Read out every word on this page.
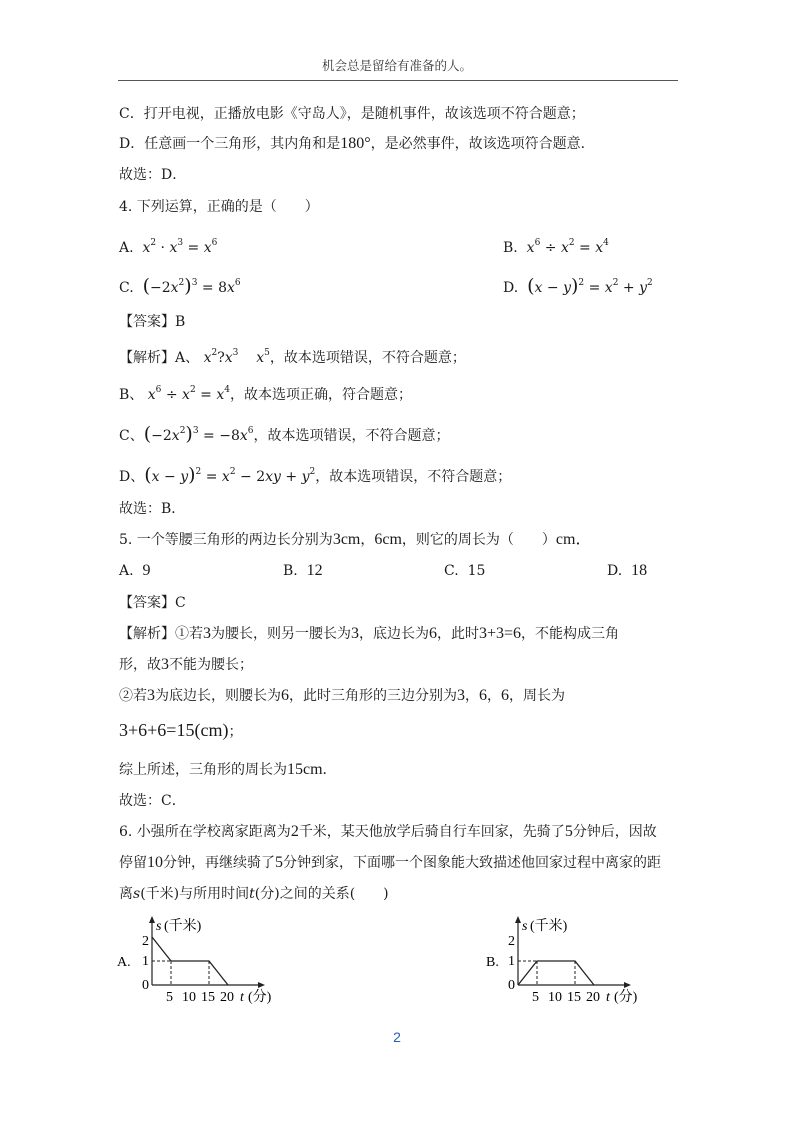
机会总是留给有准备的人。
C．打开电视，正播放电影《守岛人》，是随机事件，故该选项不符合题意；
D．任意画一个三角形，其内角和是180°，是必然事件，故该选项符合题意．
故选：D．
4. 下列运算，正确的是（　　）
A. $x^2 \cdot x^3 = x^6$	B. $x^6 \div x^2 = x^4$
C. $(-2x^2)^3 = 8x^6$	D. $(x - y)^2 = x^2 + y^2$
【答案】B
【解析】A、 $x^2?x^3$ $x^5$，故本选项错误，不符合题意；
B、 $x^6 \div x^2 = x^4$，故本选项正确，符合题意；
C、$(-2x^2)^3 = -8x^6$，故本选项错误，不符合题意；
D、$(x - y)^2 = x^2 - 2xy + y^2$，故本选项错误，不符合题意；
故选：B．
5. 一个等腰三角形的两边长分别为3cm，6cm，则它的周长为（　　）cm．
A. 9	B. 12	C. 15	D. 18
【答案】C
【解析】①若3为腰长，则另一腰长为3，底边长为6，此时3+3=6，不能构成三角
形，故3不能为腰长；
②若3为底边长，则腰长为6，此时三角形的三边分别为3，6，6，周长为
3+6+6=15(cm)；
综上所述，三角形的周长为15cm．
故选：C．
6. 小强所在学校离家距离为2千米，某天他放学后骑自行车回家，先骑了5分钟后，因故
停留10分钟，再继续骑了5分钟到家，下面哪一个图象能大致描述他回家过程中离家的距
离s(千米)与所用时间t(分)之间的关系(　　)
A.
s (千米)
2
1
0
5 10 15 20 t (分)
B.
s (千米)
2
1
0
5 10 15 20 t (分)
2
